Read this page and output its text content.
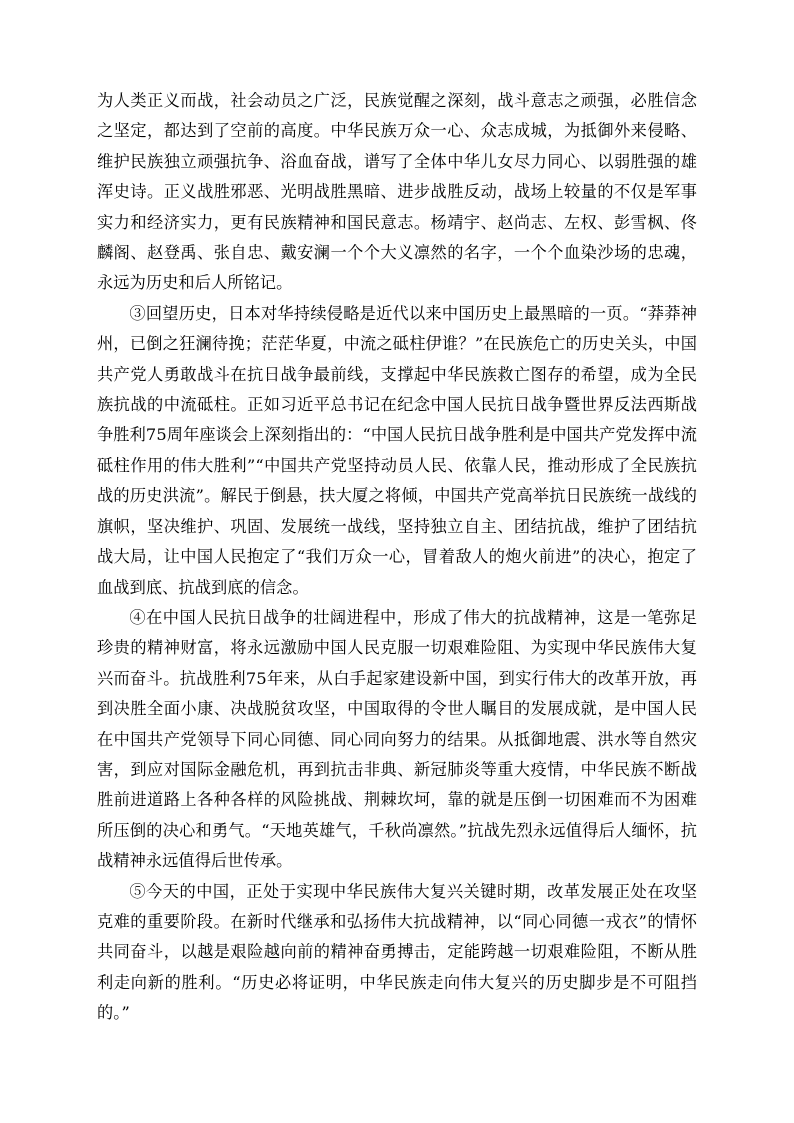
为人类正义而战，社会动员之广泛，民族觉醒之深刻，战斗意志之顽强，必胜信念之坚定，都达到了空前的高度。中华民族万众一心、众志成城，为抵御外来侵略、维护民族独立顽强抗争、浴血奋战，谱写了全体中华儿女尽力同心、以弱胜强的雄浑史诗。正义战胜邪恶、光明战胜黑暗、进步战胜反动，战场上较量的不仅是军事实力和经济实力，更有民族精神和国民意志。杨靖宇、赵尚志、左权、彭雪枫、佟麟阁、赵登禹、张自忠、戴安澜一个个大义凛然的名字，一个个血染沙场的忠魂，永远为历史和后人所铭记。

③回望历史，日本对华持续侵略是近代以来中国历史上最黑暗的一页。“莽莽神州，已倒之狂澜待挽；茫茫华夏，中流之砥柱伊谁？”在民族危亡的历史关头，中国共产党人勇敢战斗在抗日战争最前线，支撑起中华民族救亡图存的希望，成为全民族抗战的中流砥柱。正如习近平总书记在纪念中国人民抗日战争暨世界反法西斯战争胜利75周年座谈会上深刻指出的：“中国人民抗日战争胜利是中国共产党发挥中流砥柱作用的伟大胜利”“中国共产党坚持动员人民、依靠人民，推动形成了全民族抗战的历史洪流”。解民于倒悬，扶大厦之将倾，中国共产党高举抗日民族统一战线的旗帜，坚决维护、巩固、发展统一战线，坚持独立自主、团结抗战，维护了团结抗战大局，让中国人民抱定了“我们万众一心，冒着敌人的炮火前进”的决心，抱定了血战到底、抗战到底的信念。

④在中国人民抗日战争的壮阔进程中，形成了伟大的抗战精神，这是一笔弥足珍贵的精神财富，将永远激励中国人民克服一切艰难险阻、为实现中华民族伟大复兴而奋斗。抗战胜利75年来，从白手起家建设新中国，到实行伟大的改革开放，再到决胜全面小康、决战脱贫攻坚，中国取得的令世人瞩目的发展成就，是中国人民在中国共产党领导下同心同德、同心同向努力的结果。从抵御地震、洪水等自然灾害，到应对国际金融危机，再到抗击非典、新冠肺炎等重大疫情，中华民族不断战胜前进道路上各种各样的风险挑战、荆棘坎坷，靠的就是压倒一切困难而不为困难所压倒的决心和勇气。“天地英雄气，千秋尚凛然。”抗战先烈永远值得后人缅怀，抗战精神永远值得后世传承。

⑤今天的中国，正处于实现中华民族伟大复兴关键时期，改革发展正处在攻坚克难的重要阶段。在新时代继承和弘扬伟大抗战精神，以“同心同德一戎衣”的情怀共同奋斗，以越是艰险越向前的精神奋勇搏击，定能跨越一切艰难险阻，不断从胜利走向新的胜利。“历史必将证明，中华民族走向伟大复兴的历史脚步是不可阻挡的。”
